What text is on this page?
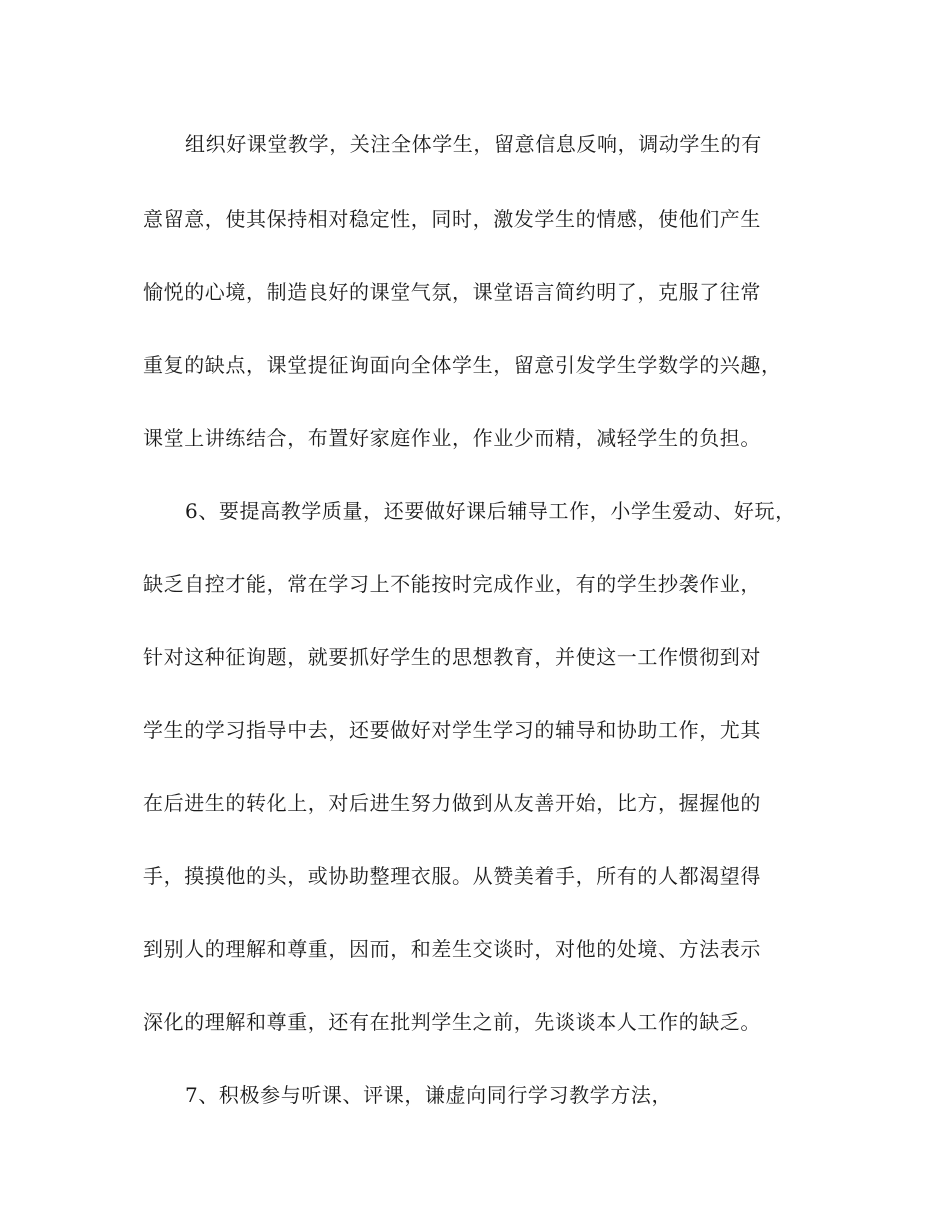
组织好课堂教学，关注全体学生，留意信息反响，调动学生的有
意留意，使其保持相对稳定性，同时，激发学生的情感，使他们产生
愉悦的心境，制造良好的课堂气氛，课堂语言简约明了，克服了往常
重复的缺点，课堂提征询面向全体学生，留意引发学生学数学的兴趣，
课堂上讲练结合，布置好家庭作业，作业少而精，减轻学生的负担。
6、要提高教学质量，还要做好课后辅导工作，小学生爱动、好玩，
缺乏自控才能，常在学习上不能按时完成作业，有的学生抄袭作业，
针对这种征询题，就要抓好学生的思想教育，并使这一工作惯彻到对
学生的学习指导中去，还要做好对学生学习的辅导和协助工作，尤其
在后进生的转化上，对后进生努力做到从友善开始，比方，握握他的
手，摸摸他的头，或协助整理衣服。从赞美着手，所有的人都渴望得
到别人的理解和尊重，因而，和差生交谈时，对他的处境、方法表示
深化的理解和尊重，还有在批判学生之前，先谈谈本人工作的缺乏。
7、积极参与听课、评课，谦虚向同行学习教学方法，
